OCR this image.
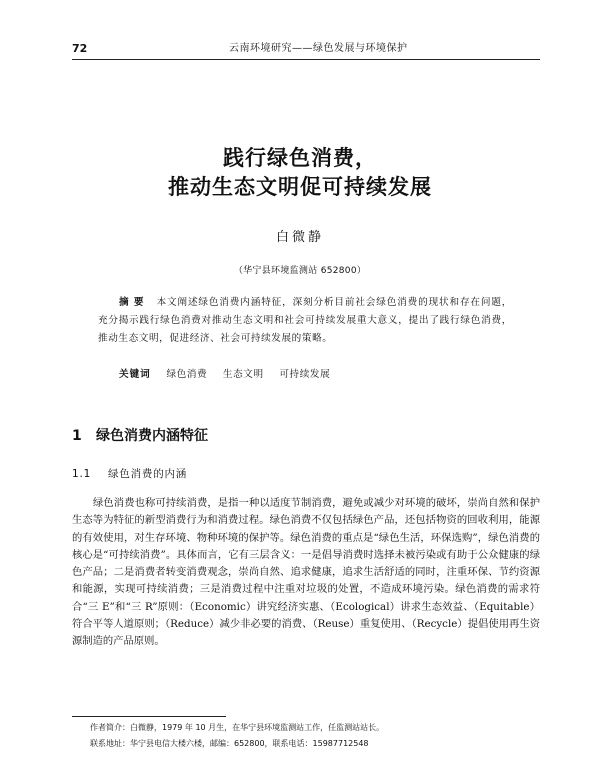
72	云南环境研究——绿色发展与环境保护
践行绿色消费，
推动生态文明促可持续发展
白微静
（华宁县环境监测站 652800）
摘要 本文阐述绿色消费内涵特征，深刻分析目前社会绿色消费的现状和存在问题，充分揭示践行绿色消费对推动生态文明和社会可持续发展重大意义，提出了践行绿色消费，推动生态文明，促进经济、社会可持续发展的策略。
关键词 绿色消费 生态文明 可持续发展
1 绿色消费内涵特征
1.1 绿色消费的内涵
绿色消费也称可持续消费，是指一种以适度节制消费，避免或减少对环境的破坏，崇尚自然和保护生态等为特征的新型消费行为和消费过程。绿色消费不仅包括绿色产品，还包括物资的回收利用，能源的有效使用，对生存环境、物种环境的保护等。绿色消费的重点是“绿色生活，环保选购”，绿色消费的核心是“可持续消费”。具体而言，它有三层含义：一是倡导消费时选择未被污染或有助于公众健康的绿色产品；二是消费者转变消费观念，崇尚自然、追求健康，追求生活舒适的同时，注重环保、节约资源和能源，实现可持续消费；三是消费过程中注重对垃圾的处置，不造成环境污染。绿色消费的需求符合“三 E”和“三 R”原则：（Economic）讲究经济实惠、（Ecological）讲求生态效益、（Equitable）符合平等人道原则；（Reduce）减少非必要的消费、（Reuse）重复使用、（Recycle）提倡使用再生资源制造的产品原则。
作者简介：白微静，1979 年 10 月生，在华宁县环境监测站工作，任监测站站长。
联系地址：华宁县电信大楼六楼，邮编：652800，联系电话：15987712548
